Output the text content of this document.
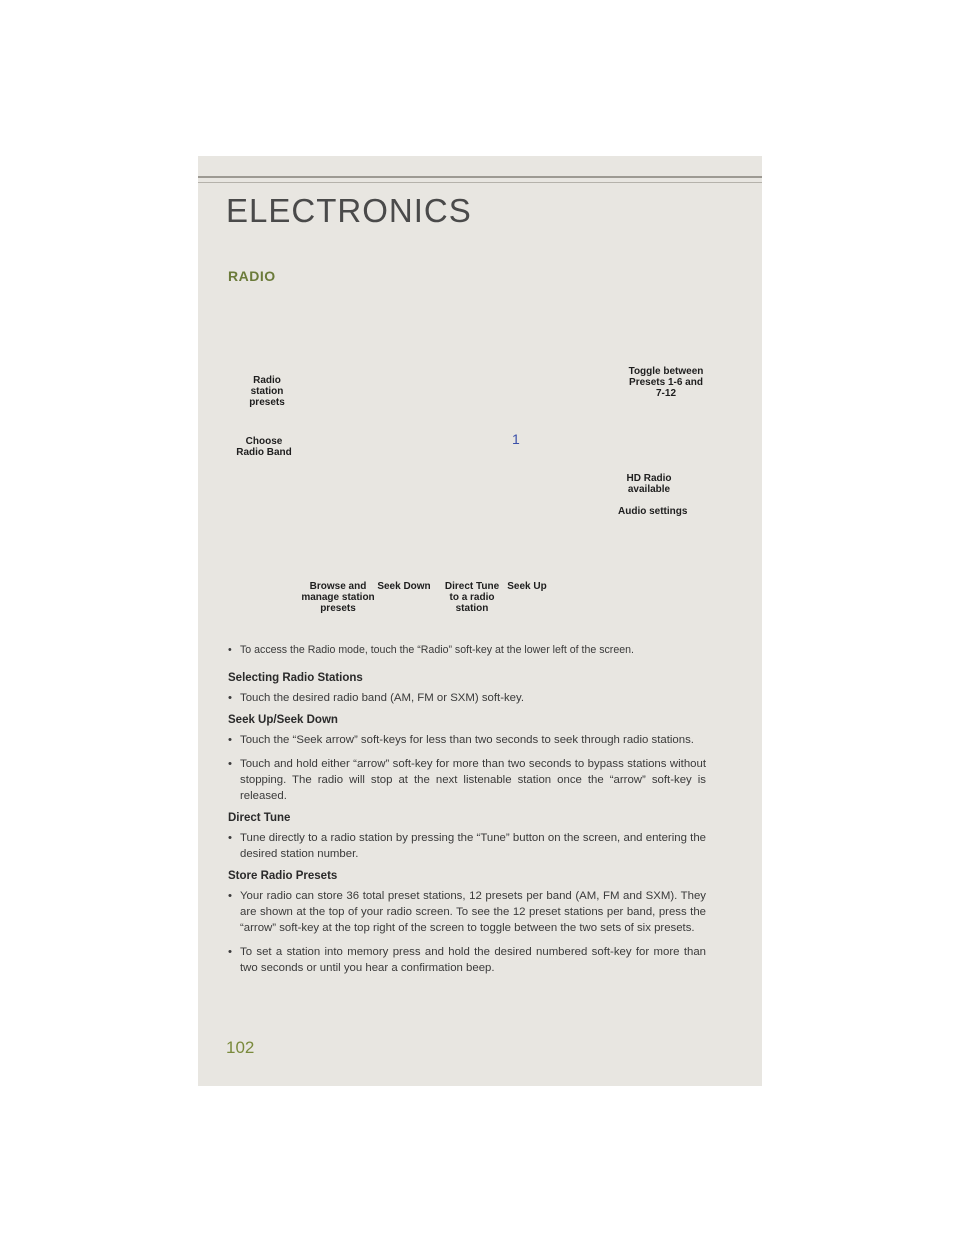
ELECTRONICS
RADIO
Radio
station presets
Choose
Radio Band
Toggle between
Presets 1-6 and
7-12
HD Radio
available
Audio settings
Browse and
manage station
presets
Seek Down	Direct Tune
to a radio
station
Seek Up
1

• To access the Radio mode, touch the “Radio” soft-key at the lower left of the screen.

Selecting Radio Stations

• Touch the desired radio band (AM, FM or SXM) soft-key.

Seek Up/Seek Down

• Touch the “Seek arrow” soft-keys for less than two seconds to seek through radio stations.

• Touch and hold either “arrow” soft-key for more than two seconds to bypass stations without stopping. The radio will stop at the next listenable station once the “arrow” soft-key is released.

Direct Tune

• Tune directly to a radio station by pressing the “Tune” button on the screen, and entering the desired station number.

Store Radio Presets

• Your radio can store 36 total preset stations, 12 presets per band (AM, FM and SXM). They are shown at the top of your radio screen. To see the 12 preset stations per band, press the “arrow” soft-key at the top right of the screen to toggle between the two sets of six presets.

• To set a station into memory press and hold the desired numbered soft-key for more than two seconds or until you hear a confirmation beep.

102
